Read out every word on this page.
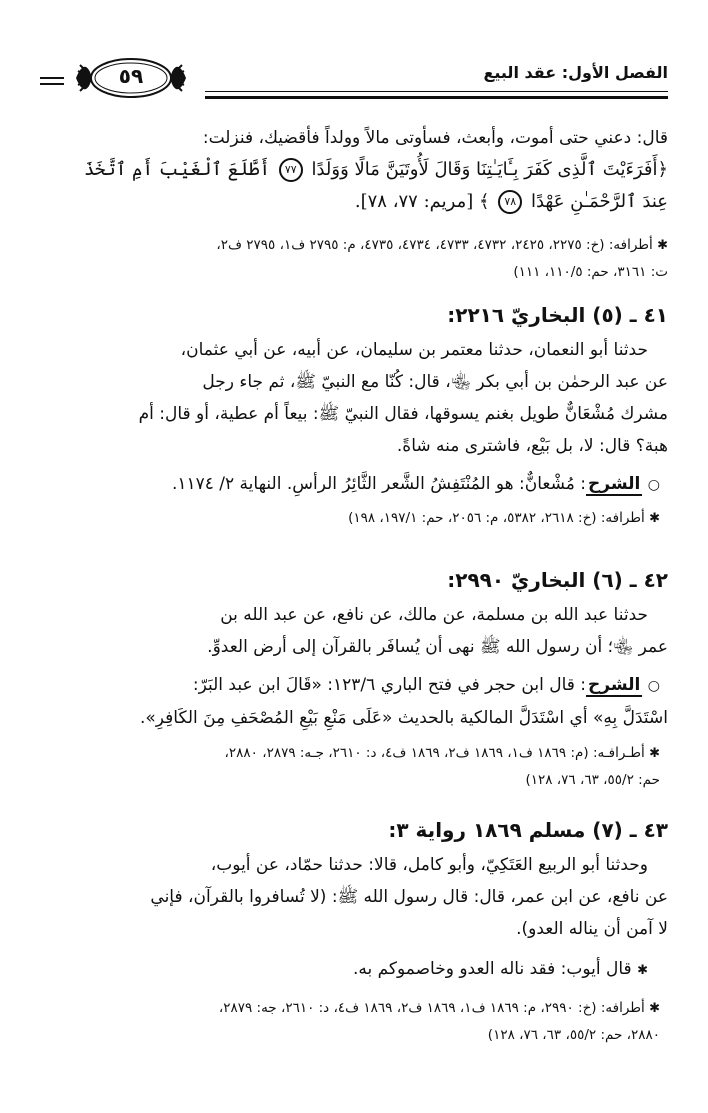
الفصل الأول: عقد البيع
٥٩
قال: دعني حتى أموت، وأبعث، فسأوتى مالاً وولداً فأقضيك، فنزلت:
﴿أَفَرَءَيْتَ ٱلَّذِى كَفَرَ بِـَٔايَـٰتِنَا وَقَالَ لَأُوتَيَنَّ مَالًا وَوَلَدًا ٧٧ أَطَّلَعَ ٱلْغَيْبَ أَمِ ٱتَّخَذَ
عِندَ ٱلرَّحْمَـٰنِ عَهْدًا ٧٨ ﴾ [مريم: ٧٧، ٧٨].
✱ أطرافه: (خ: ٢٢٧٥، ٢٤٢٥، ٤٧٣٢، ٤٧٣٣، ٤٧٣٤، ٤٧٣٥، م: ٢٧٩٥ ف١، ٢٧٩٥ ف٢،
ت: ٣١٦١، حم: ١١٠/٥، ١١١)
٤١ ـ (٥) البخاريّ ٢٢١٦:
حدثنا أبو النعمان، حدثنا معتمر بن سليمان، عن أبيه، عن أبي عثمان،
عن عبد الرحمٰن بن أبي بكر ﵄، قال: كُنّا مع النبيّ ﷺ، ثم جاء رجل
مشرك مُشْعَانٌّ طويل بغنم يسوقها، فقال النبيّ ﷺ: بيعاً أم عطية، أو قال: أم
هبة؟ قال: لا، بل بَيْع، فاشترى منه شاةً.
○ الشرح: مُشْعانٌّ: هو المُنْتَفِشُ الشَّعر الثَّائِرُ الرأسِ. النهاية ٢/ ١١٧٤.
✱ أطرافه: (خ: ٢٦١٨، ٥٣٨٢، م: ٢٠٥٦، حم: ١٩٧/١، ١٩٨)
٤٢ ـ (٦) البخاريّ ٢٩٩٠:
حدثنا عبد الله بن مسلمة، عن مالك، عن نافع، عن عبد الله بن
عمر ﵄؛ أن رسول الله ﷺ نهى أن يُسافَر بالقرآن إلى أرض العدوِّ.
○ الشرح: قال ابن حجر في فتح الباري ١٢٣/٦: «قَالَ ابن عبد البَرّ:
اسْتَدَلَّ بِهِ» أي اسْتَدَلَّ المالكية بالحديث «عَلَى مَنْعِ بَيْعِ المُصْحَفِ مِنَ الكَافِرِ».
✱ أطـرافـه: (م: ١٨٦٩ ف١، ١٨٦٩ ف٢، ١٨٦٩ ف٤، د: ٢٦١٠، جـه: ٢٨٧٩، ٢٨٨٠،
حم: ٥٥/٢، ٦٣، ٧٦، ١٢٨)
٤٣ ـ (٧) مسلم ١٨٦٩ رواية ٣:
وحدثنا أبو الربيع العَتَكِيّ، وأبو كامل، قالا: حدثنا حمّاد، عن أيوب،
عن نافع، عن ابن عمر، قال: قال رسول الله ﷺ: (لا تُسافروا بالقرآن، فإني
لا آمن أن يناله العدو).
✱ قال أيوب: فقد ناله العدو وخاصموكم به.
✱ أطرافه: (خ: ٢٩٩٠، م: ١٨٦٩ ف١، ١٨٦٩ ف٢، ١٨٦٩ ف٤، د: ٢٦١٠، جه: ٢٨٧٩،
٢٨٨٠، حم: ٥٥/٢، ٦٣، ٧٦، ١٢٨)
